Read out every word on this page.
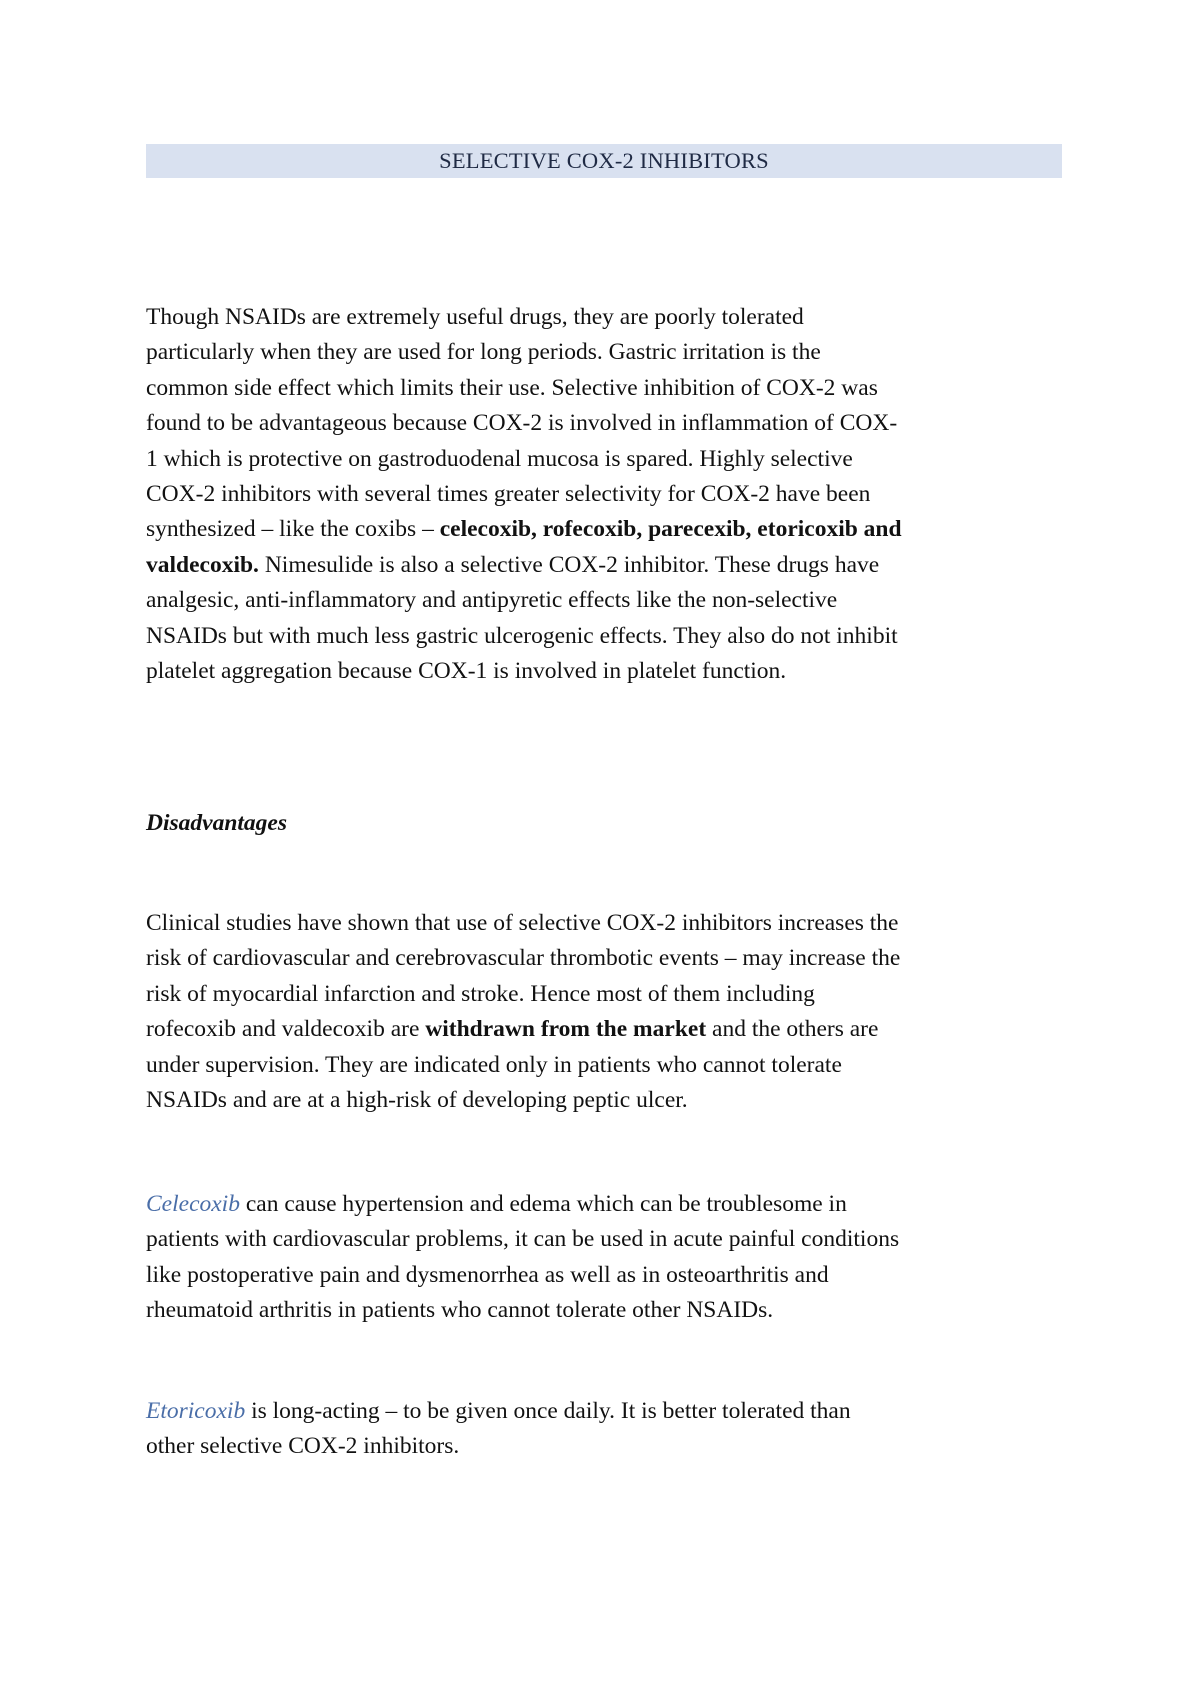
SELECTIVE COX-2 INHIBITORS

Though NSAIDs are extremely useful drugs, they are poorly tolerated
particularly when they are used for long periods. Gastric irritation is the
common side effect which limits their use. Selective inhibition of COX-2 was
found to be advantageous because COX-2 is involved in inflammation of COX-
1 which is protective on gastroduodenal mucosa is spared. Highly selective
COX-2 inhibitors with several times greater selectivity for COX-2 have been
synthesized – like the coxibs – celecoxib, rofecoxib, parecexib, etoricoxib and
valdecoxib. Nimesulide is also a selective COX-2 inhibitor. These drugs have
analgesic, anti-inflammatory and antipyretic effects like the non-selective
NSAIDs but with much less gastric ulcerogenic effects. They also do not inhibit
platelet aggregation because COX-1 is involved in platelet function.

Disadvantages

Clinical studies have shown that use of selective COX-2 inhibitors increases the
risk of cardiovascular and cerebrovascular thrombotic events – may increase the
risk of myocardial infarction and stroke. Hence most of them including
rofecoxib and valdecoxib are withdrawn from the market and the others are
under supervision. They are indicated only in patients who cannot tolerate
NSAIDs and are at a high-risk of developing peptic ulcer.

Celecoxib can cause hypertension and edema which can be troublesome in
patients with cardiovascular problems, it can be used in acute painful conditions
like postoperative pain and dysmenorrhea as well as in osteoarthritis and
rheumatoid arthritis in patients who cannot tolerate other NSAIDs.

Etoricoxib is long-acting – to be given once daily. It is better tolerated than
other selective COX-2 inhibitors.
